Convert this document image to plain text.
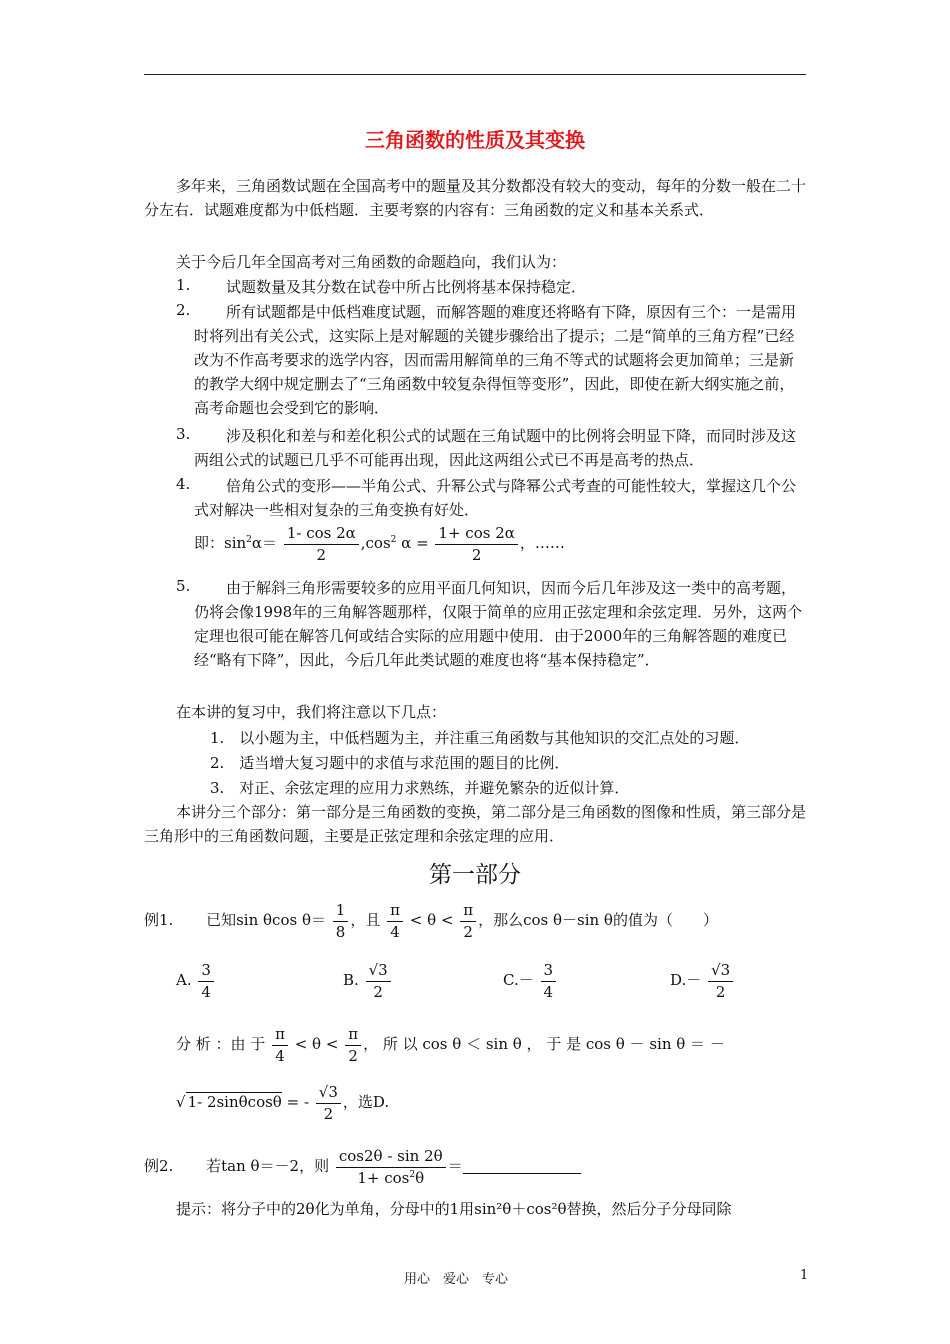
三角函数的性质及其变换
多年来，三角函数试题在全国高考中的题量及其分数都没有较大的变动，每年的分数一般在二十分左右．试题难度都为中低档题．主要考察的内容有：三角函数的定义和基本关系式．
关于今后几年全国高考对三角函数的命题趋向，我们认为：
1.	试题数量及其分数在试卷中所占比例将基本保持稳定．
2.	所有试题都是中低档难度试题，而解答题的难度还将略有下降，原因有三个：一是需用时将列出有关公式，这实际上是对解题的关键步骤给出了提示；二是“简单的三角方程”已经改为不作高考要求的选学内容，因而需用解简单的三角不等式的试题将会更加简单；三是新的教学大纲中规定删去了“三角函数中较复杂得恒等变形”，因此，即使在新大纲实施之前，高考命题也会受到它的影响．
3.	涉及积化和差与和差化积公式的试题在三角试题中的比例将会明显下降，而同时涉及这两组公式的试题已几乎不可能再出现，因此这两组公式已不再是高考的热点．
4.	倍角公式的变形——半角公式、升幂公式与降幂公式考查的可能性较大，掌握这几个公式对解决一些相对复杂的三角变换有好处．
即：$\sin^2\alpha= \frac{1- \cos 2\alpha}{2} ,\cos^2$ $\alpha = \frac{1+ \cos 2\alpha}{2}$ ，……
5.	由于解斜三角形需要较多的应用平面几何知识，因而今后几年涉及这一类中的高考题，仍将会像1998年的三角解答题那样，仅限于简单的应用正弦定理和余弦定理．另外，这两个定理也很可能在解答几何或结合实际的应用题中使用．由于2000年的三角解答题的难度已经“略有下降”，因此，今后几年此类试题的难度也将“基本保持稳定”．
在本讲的复习中，我们将注意以下几点：
1.　以小题为主，中低档题为主，并注重三角函数与其他知识的交汇点处的习题．
2.　适当增大复习题中的求值与求范围的题目的比例．
3.　对正、余弦定理的应用力求熟练，并避免繁杂的近似计算．
本讲分三个部分：第一部分是三角函数的变换，第二部分是三角函数的图像和性质，第三部分是三角形中的三角函数问题，主要是正弦定理和余弦定理的应用．
第一部分
例1. 已知sin θcos $\theta= \frac{1}{8}$ ，且 $\frac{\pi}{4} < \theta < \frac{\pi}{2}$ ，那么cos θ－sin θ的值为（　　）
A. $\frac{3}{4}$	B. $\frac{√3}{2}$	$C.- \frac{3}{4}$	$D.- \frac{√3}{2}$
分 析 ：由 于 $\frac{\pi}{4} < \theta < \frac{\pi}{2}$ ， 所 以 cos θ ＜ sin θ ， 于 是 cos θ － sin θ ＝ －
√ 1- 2sinθcosθ = - $\frac{√3}{2}$ ，选D.
例2. 若tan θ＝－2，则 $\frac{\cos 2\theta - \sin 2\theta}{1+ \cos^2\theta}$ ＝
提示：将分子中的2θ化为单角，分母中的1用sin²θ＋cos²θ替换，然后分子分母同除
用心　爱心　专心	1
